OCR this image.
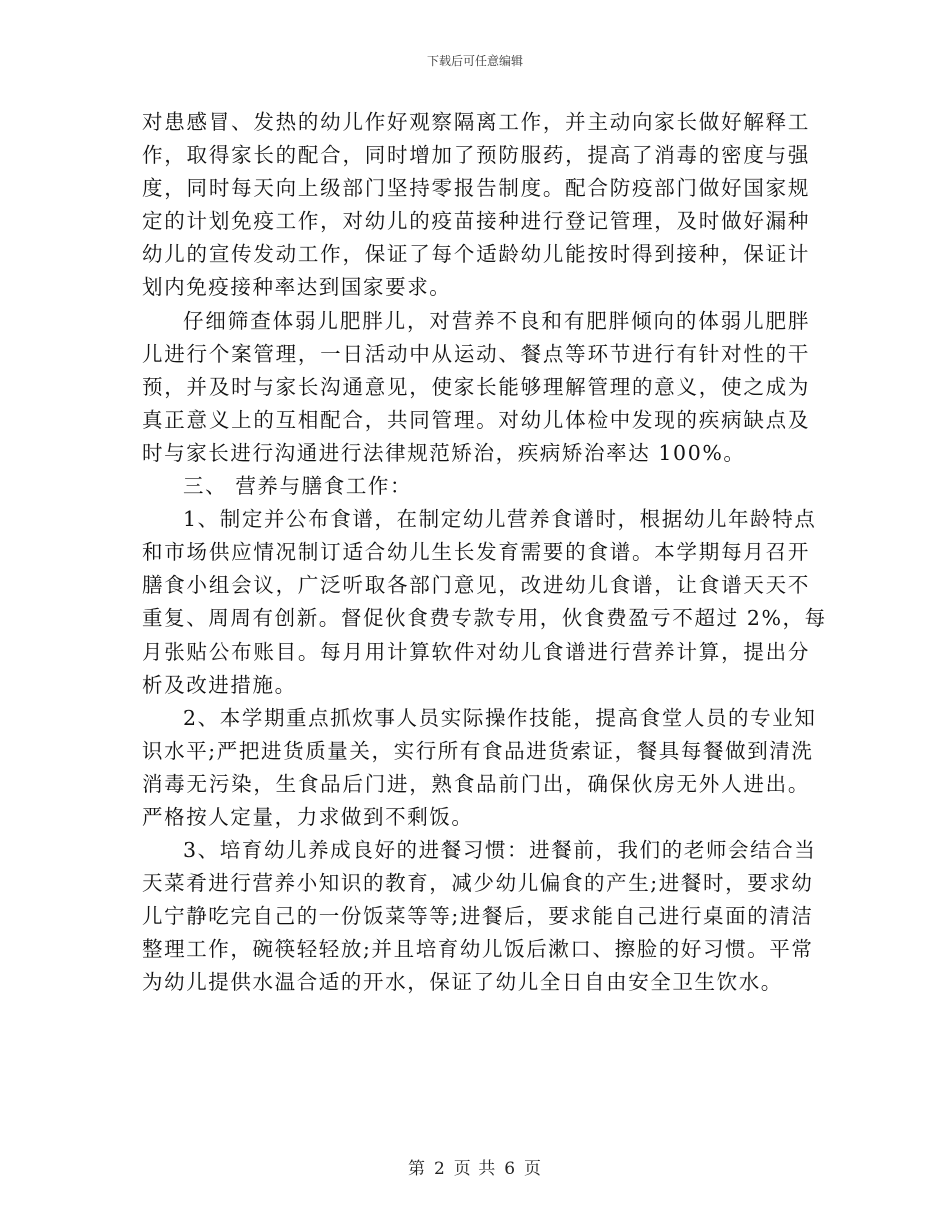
下载后可任意编辑
对患感冒、发热的幼儿作好观察隔离工作，并主动向家长做好解释工
作，取得家长的配合，同时增加了预防服药，提高了消毒的密度与强
度，同时每天向上级部门坚持零报告制度。配合防疫部门做好国家规
定的计划免疫工作，对幼儿的疫苗接种进行登记管理，及时做好漏种
幼儿的宣传发动工作，保证了每个适龄幼儿能按时得到接种，保证计
划内免疫接种率达到国家要求。
仔细筛查体弱儿肥胖儿，对营养不良和有肥胖倾向的体弱儿肥胖
儿进行个案管理，一日活动中从运动、餐点等环节进行有针对性的干
预，并及时与家长沟通意见，使家长能够理解管理的意义，使之成为
真正意义上的互相配合，共同管理。对幼儿体检中发现的疾病缺点及
时与家长进行沟通进行法律规范矫治，疾病矫治率达 100%。
三、 营养与膳食工作：
1、制定并公布食谱，在制定幼儿营养食谱时，根据幼儿年龄特点
和市场供应情况制订适合幼儿生长发育需要的食谱。本学期每月召开
膳食小组会议，广泛听取各部门意见，改进幼儿食谱，让食谱天天不
重复、周周有创新。督促伙食费专款专用，伙食费盈亏不超过 2%，每
月张贴公布账目。每月用计算软件对幼儿食谱进行营养计算，提出分
析及改进措施。
2、本学期重点抓炊事人员实际操作技能，提高食堂人员的专业知
识水平;严把进货质量关，实行所有食品进货索证，餐具每餐做到清洗
消毒无污染，生食品后门进，熟食品前门出，确保伙房无外人进出。
严格按人定量，力求做到不剩饭。
3、培育幼儿养成良好的进餐习惯：进餐前，我们的老师会结合当
天菜肴进行营养小知识的教育，减少幼儿偏食的产生;进餐时，要求幼
儿宁静吃完自己的一份饭菜等等;进餐后，要求能自己进行桌面的清洁
整理工作，碗筷轻轻放;并且培育幼儿饭后漱口、擦脸的好习惯。平常
为幼儿提供水温合适的开水，保证了幼儿全日自由安全卫生饮水。
第 2 页 共 6 页
